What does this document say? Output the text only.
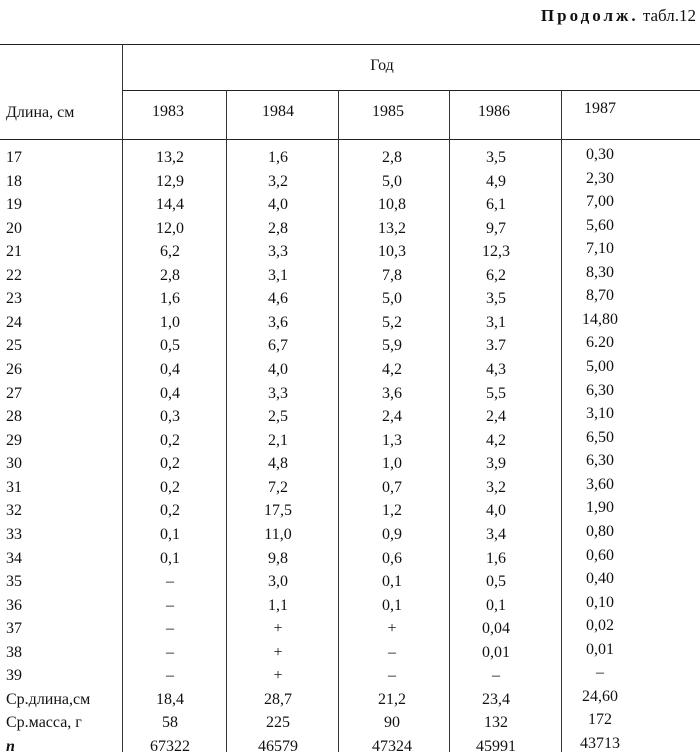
Продолж. табл.12
Длина, см
Год
1983	1984	1985	1986	1987
17	13,2	1,6	2,8	3,5	0,30
18	12,9	3,2	5,0	4,9	2,30
19	14,4	4,0	10,8	6,1	7,00
20	12,0	2,8	13,2	9,7	5,60
21	6,2	3,3	10,3	12,3	7,10
22	2,8	3,1	7,8	6,2	8,30
23	1,6	4,6	5,0	3,5	8,70
24	1,0	3,6	5,2	3,1	14,80
25	0,5	6,7	5,9	3.7	6.20
26	0,4	4,0	4,2	4,3	5,00
27	0,4	3,3	3,6	5,5	6,30
28	0,3	2,5	2,4	2,4	3,10
29	0,2	2,1	1,3	4,2	6,50
30	0,2	4,8	1,0	3,9	6,30
31	0,2	7,2	0,7	3,2	3,60
32	0,2	17,5	1,2	4,0	1,90
33	0,1	11,0	0,9	3,4	0,80
34	0,1	9,8	0,6	1,6	0,60
35	–	3,0	0,1	0,5	0,40
36	–	1,1	0,1	0,1	0,10
37	–	+	+	0,04	0,02
38	–	+	–	0,01	0,01
39	–	+	–	–	–
Ср.длина,см	18,4	28,7	21,2	23,4	24,60
Ср.масса, г	58	225	90	132	172
n	67322	46579	47324	45991	43713
